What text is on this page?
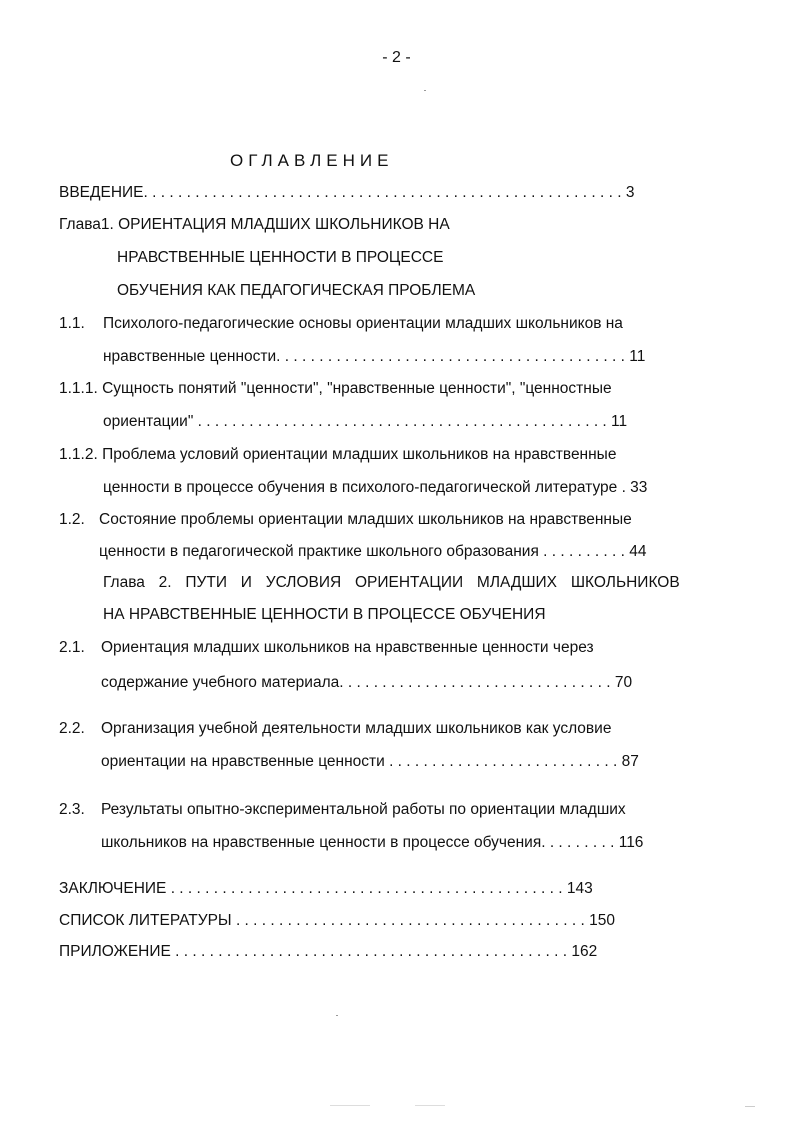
- 2 -
ОГЛАВЛЕНИЕ
ВВЕДЕНИЕ. . . . . . . . . . . . . . . . . . . . . . . . . . . . . . . . . . . . . . . . . . . . . . . . . . . . . . . . 3
Глава1. ОРИЕНТАЦИЯ МЛАДШИХ ШКОЛЬНИКОВ НА
НРАВСТВЕННЫЕ ЦЕННОСТИ В ПРОЦЕССЕ
ОБУЧЕНИЯ КАК ПЕДАГОГИЧЕСКАЯ ПРОБЛЕМА
1.1. Психолого-педагогические основы ориентации младших школьников на
нравственные ценности. . . . . . . . . . . . . . . . . . . . . . . . . . . . . . . . . . . . . . . . . 11
1.1.1. Сущность понятий "ценности", "нравственные ценности", "ценностные
ориентации" . . . . . . . . . . . . . . . . . . . . . . . . . . . . . . . . . . . . . . . . . . . . . . . . 11
1.1.2. Проблема условий ориентации младших школьников на нравственные
ценности в процессе обучения в психолого-педагогической литературе . 33
1.2. Состояние проблемы ориентации младших школьников на нравственные
ценности в педагогической практике школьного образования . . . . . . . . . . 44
Глава 2. ПУТИ И УСЛОВИЯ ОРИЕНТАЦИИ МЛАДШИХ ШКОЛЬНИКОВ
НА НРАВСТВЕННЫЕ ЦЕННОСТИ В ПРОЦЕССЕ ОБУЧЕНИЯ
2.1. Ориентация младших школьников на нравственные ценности через
содержание учебного материала. . . . . . . . . . . . . . . . . . . . . . . . . . . . . . . . 70
2.2. Организация учебной деятельности младших школьников как условие
ориентации на нравственные ценности . . . . . . . . . . . . . . . . . . . . . . . . . . . 87
2.3. Результаты опытно-экспериментальной работы по ориентации младших
школьников на нравственные ценности в процессе обучения. . . . . . . . . 116
ЗАКЛЮЧЕНИЕ . . . . . . . . . . . . . . . . . . . . . . . . . . . . . . . . . . . . . . . . . . . . . . 143
СПИСОК ЛИТЕРАТУРЫ . . . . . . . . . . . . . . . . . . . . . . . . . . . . . . . . . . . . . . . . . 150
ПРИЛОЖЕНИЕ . . . . . . . . . . . . . . . . . . . . . . . . . . . . . . . . . . . . . . . . . . . . . . 162
